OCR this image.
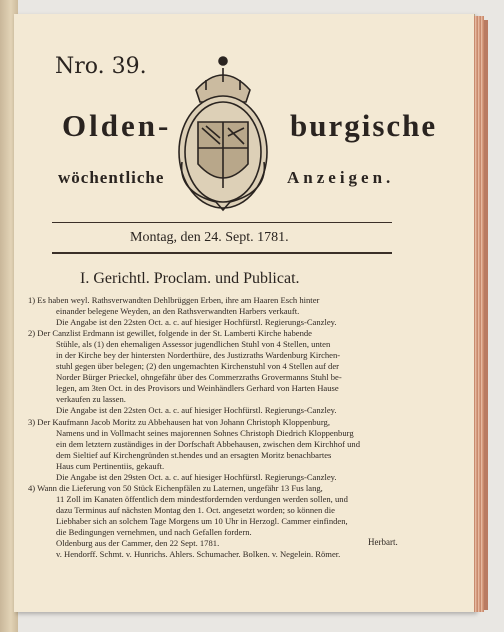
Nro. 39.
Olden-	burgische
wöchentliche	Anzeigen.
Montag, den 24. Sept. 1781.
I. Gerichtl. Proclam. und Publicat.

1) Es haben weyl. Rathsverwandten Dehlbrüggen Erben, ihre am Haaren Esch hinter

einander belegene Weyden, an den Rathsverwandten Harbers verkauft.

Die Angabe ist den 22sten Oct. a. c. auf hiesiger Hochfürstl. Regierungs-Canzley.

2) Der Canzlist Erdmann ist gewillet, folgende in der St. Lamberti Kirche habende

Stühle, als (1) den ehemaligen Assessor jugendlichen Stuhl von 4 Stellen, unten

in der Kirche bey der hintersten Norderthüre, des Justizraths Wardenburg Kirchen-

stuhl gegen über belegen; (2) den ungemachten Kirchenstuhl von 4 Stellen auf der

Norder Bürger Prieckel, ohngefähr über des Commerzraths Grovermanns Stuhl be-

legen, am 3ten Oct. in des Provisors und Weinhändlers Gerhard von Harten Hause

verkaufen zu lassen.

Die Angabe ist den 22sten Oct. a. c. auf hiesiger Hochfürstl. Regierungs-Canzley.

3) Der Kaufmann Jacob Moritz zu Abbehausen hat von Johann Christoph Kloppenburg,

Namens und in Vollmacht seines majorennen Sohnes Christoph Diedrich Kloppenburg

ein dem letztern zuständiges in der Dorfschaft Abbehausen, zwischen dem Kirchhof und

dem Sieltief auf Kirchengründen st.hendes und an ersagten Moritz benachbartes

Haus cum Pertinentiis, gekauft.

Die Angabe ist den 29sten Oct. a. c. auf hiesiger Hochfürstl. Regierungs-Canzley.

4) Wann die Lieferung von 50 Stück Eichenpfälen zu Laternen, ungefähr 13 Fus lang,

11 Zoll im Kanaten öffentlich dem mindestfordernden verdungen werden sollen, und

dazu Terminus auf nächsten Montag den 1. Oct. angesetzt worden; so können die

Liebhaber sich an solchem Tage Morgens um 10 Uhr in Herzogl. Cammer einfinden,

die Bedingungen vernehmen, und nach Gefallen fordern.

Oldenburg aus der Cammer, den 22 Sept. 1781.

v. Hendorff. Schmt. v. Hunrichs. Ahlers. Schumacher. Bolken. v. Negelein. Römer.

Herbart.
